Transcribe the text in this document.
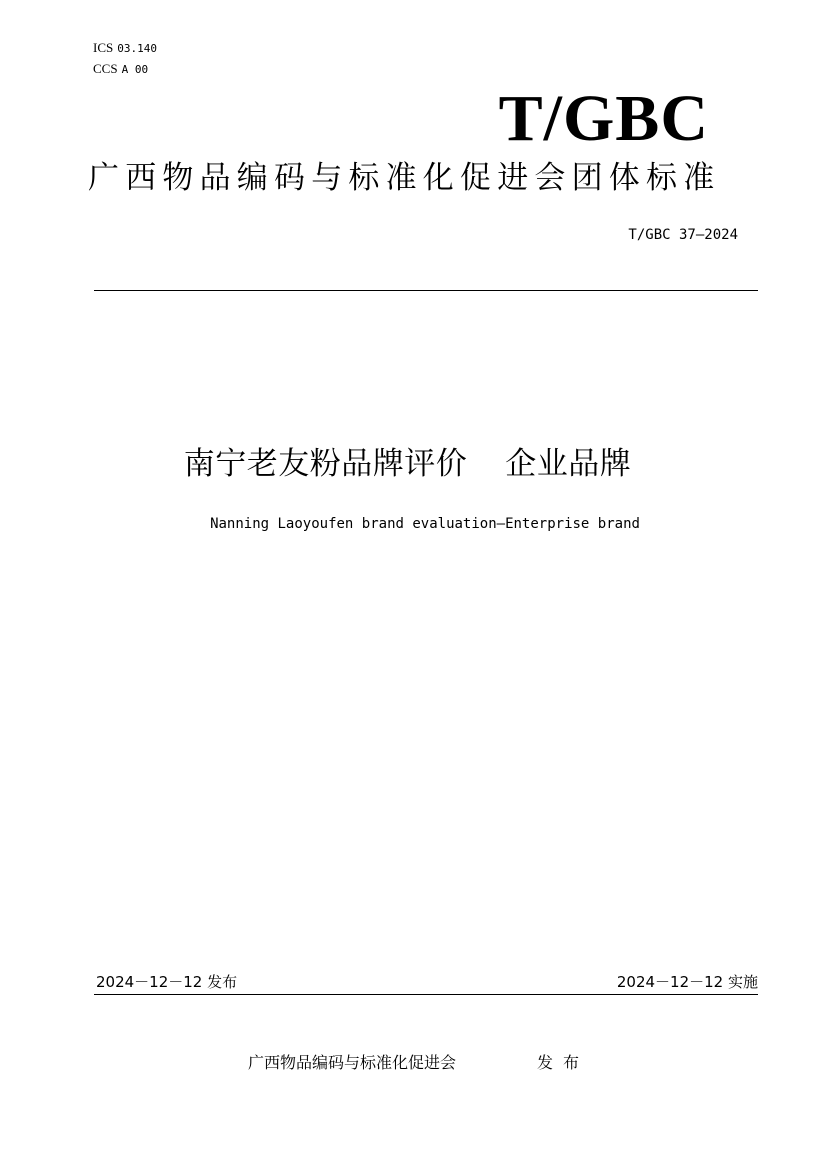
ICS 03.140
CCS A 00
T/GBC
广西物品编码与标准化促进会团体标准
T/GBC 37—2024
南宁老友粉品牌评价 企业品牌
Nanning Laoyoufen brand evaluation—Enterprise brand
2024－12－12 发布	2024－12－12 实施
广西物品编码与标准化促进会	发布
